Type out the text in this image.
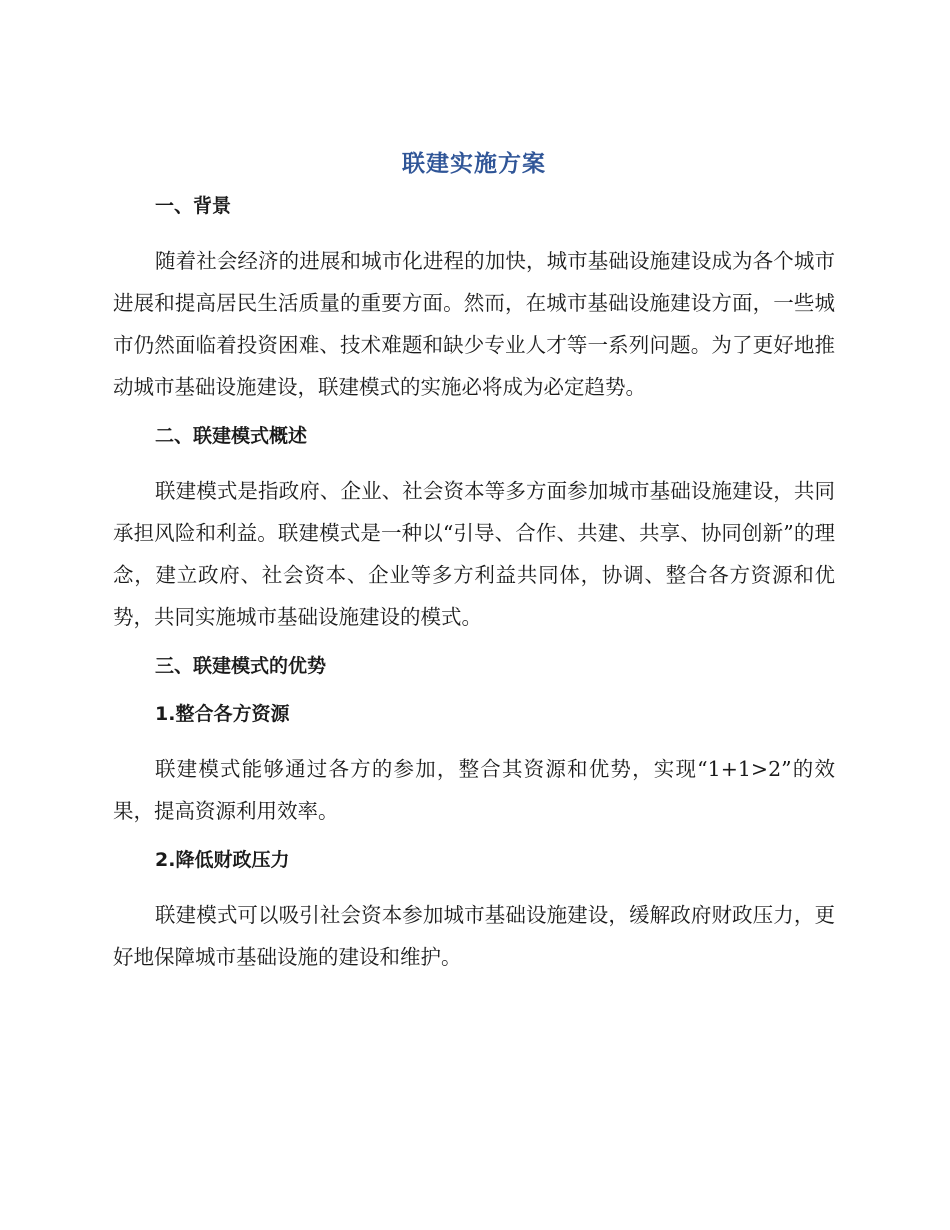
联建实施方案
一、背景

随着社会经济的进展和城市化进程的加快，城市基础设施建设成为各个城市进展和提高居民生活质量的重要方面。然而，在城市基础设施建设方面，一些城市仍然面临着投资困难、技术难题和缺少专业人才等一系列问题。为了更好地推动城市基础设施建设，联建模式的实施必将成为必定趋势。

二、联建模式概述

联建模式是指政府、企业、社会资本等多方面参加城市基础设施建设，共同承担风险和利益。联建模式是一种以“引导、合作、共建、共享、协同创新”的理念，建立政府、社会资本、企业等多方利益共同体，协调、整合各方资源和优势，共同实施城市基础设施建设的模式。

三、联建模式的优势
1.整合各方资源

联建模式能够通过各方的参加，整合其资源和优势，实现“1+1>2”的效果，提高资源利用效率。

2.降低财政压力

联建模式可以吸引社会资本参加城市基础设施建设，缓解政府财政压力，更好地保障城市基础设施的建设和维护。
